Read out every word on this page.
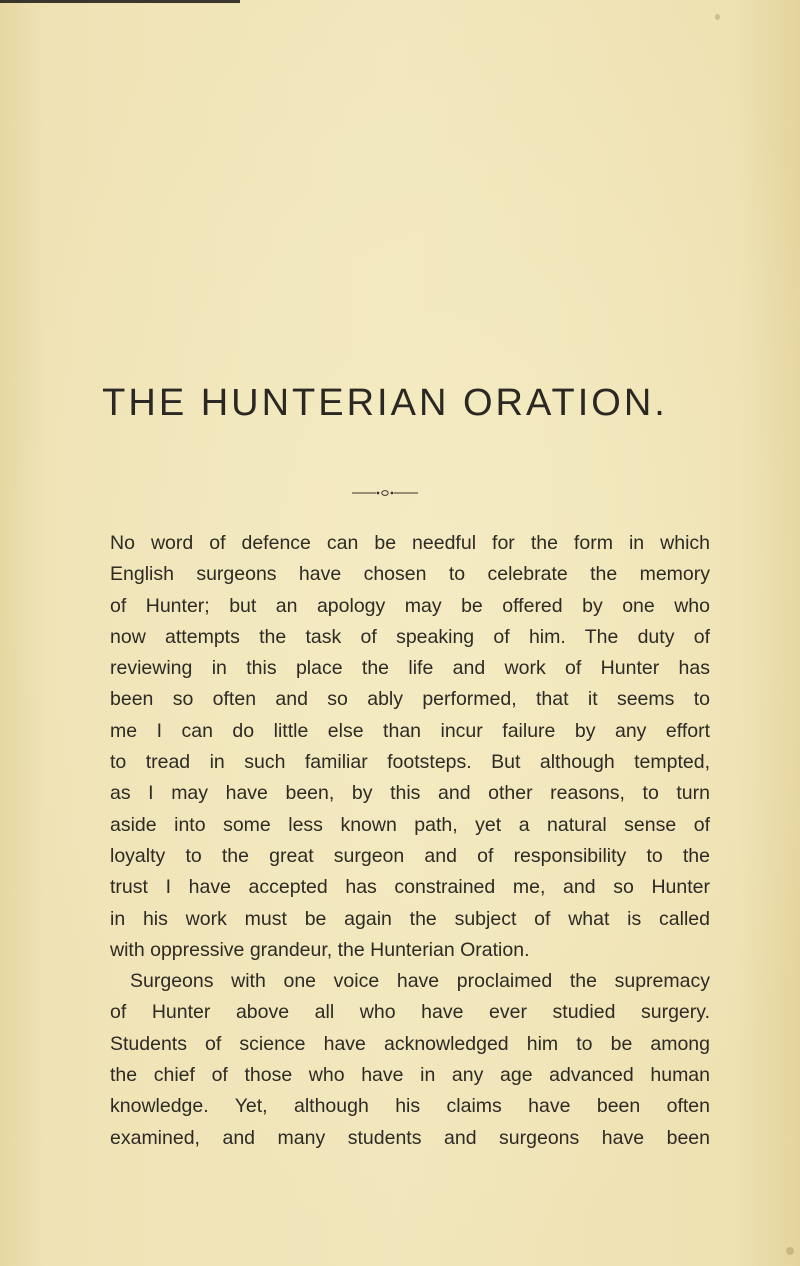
THE HUNTERIAN ORATION.
No word of defence can be needful for the form in which
English surgeons have chosen to celebrate the memory
of Hunter; but an apology may be offered by one who
now attempts the task of speaking of him. The duty of
reviewing in this place the life and work of Hunter has
been so often and so ably performed, that it seems to
me I can do little else than incur failure by any effort
to tread in such familiar footsteps. But although tempted,
as I may have been, by this and other reasons, to turn
aside into some less known path, yet a natural sense of
loyalty to the great surgeon and of responsibility to the
trust I have accepted has constrained me, and so Hunter
in his work must be again the subject of what is called
with oppressive grandeur, the Hunterian Oration.
Surgeons with one voice have proclaimed the supremacy
of Hunter above all who have ever studied surgery.
Students of science have acknowledged him to be among
the chief of those who have in any age advanced human
knowledge. Yet, although his claims have been often
examined, and many students and surgeons have been
